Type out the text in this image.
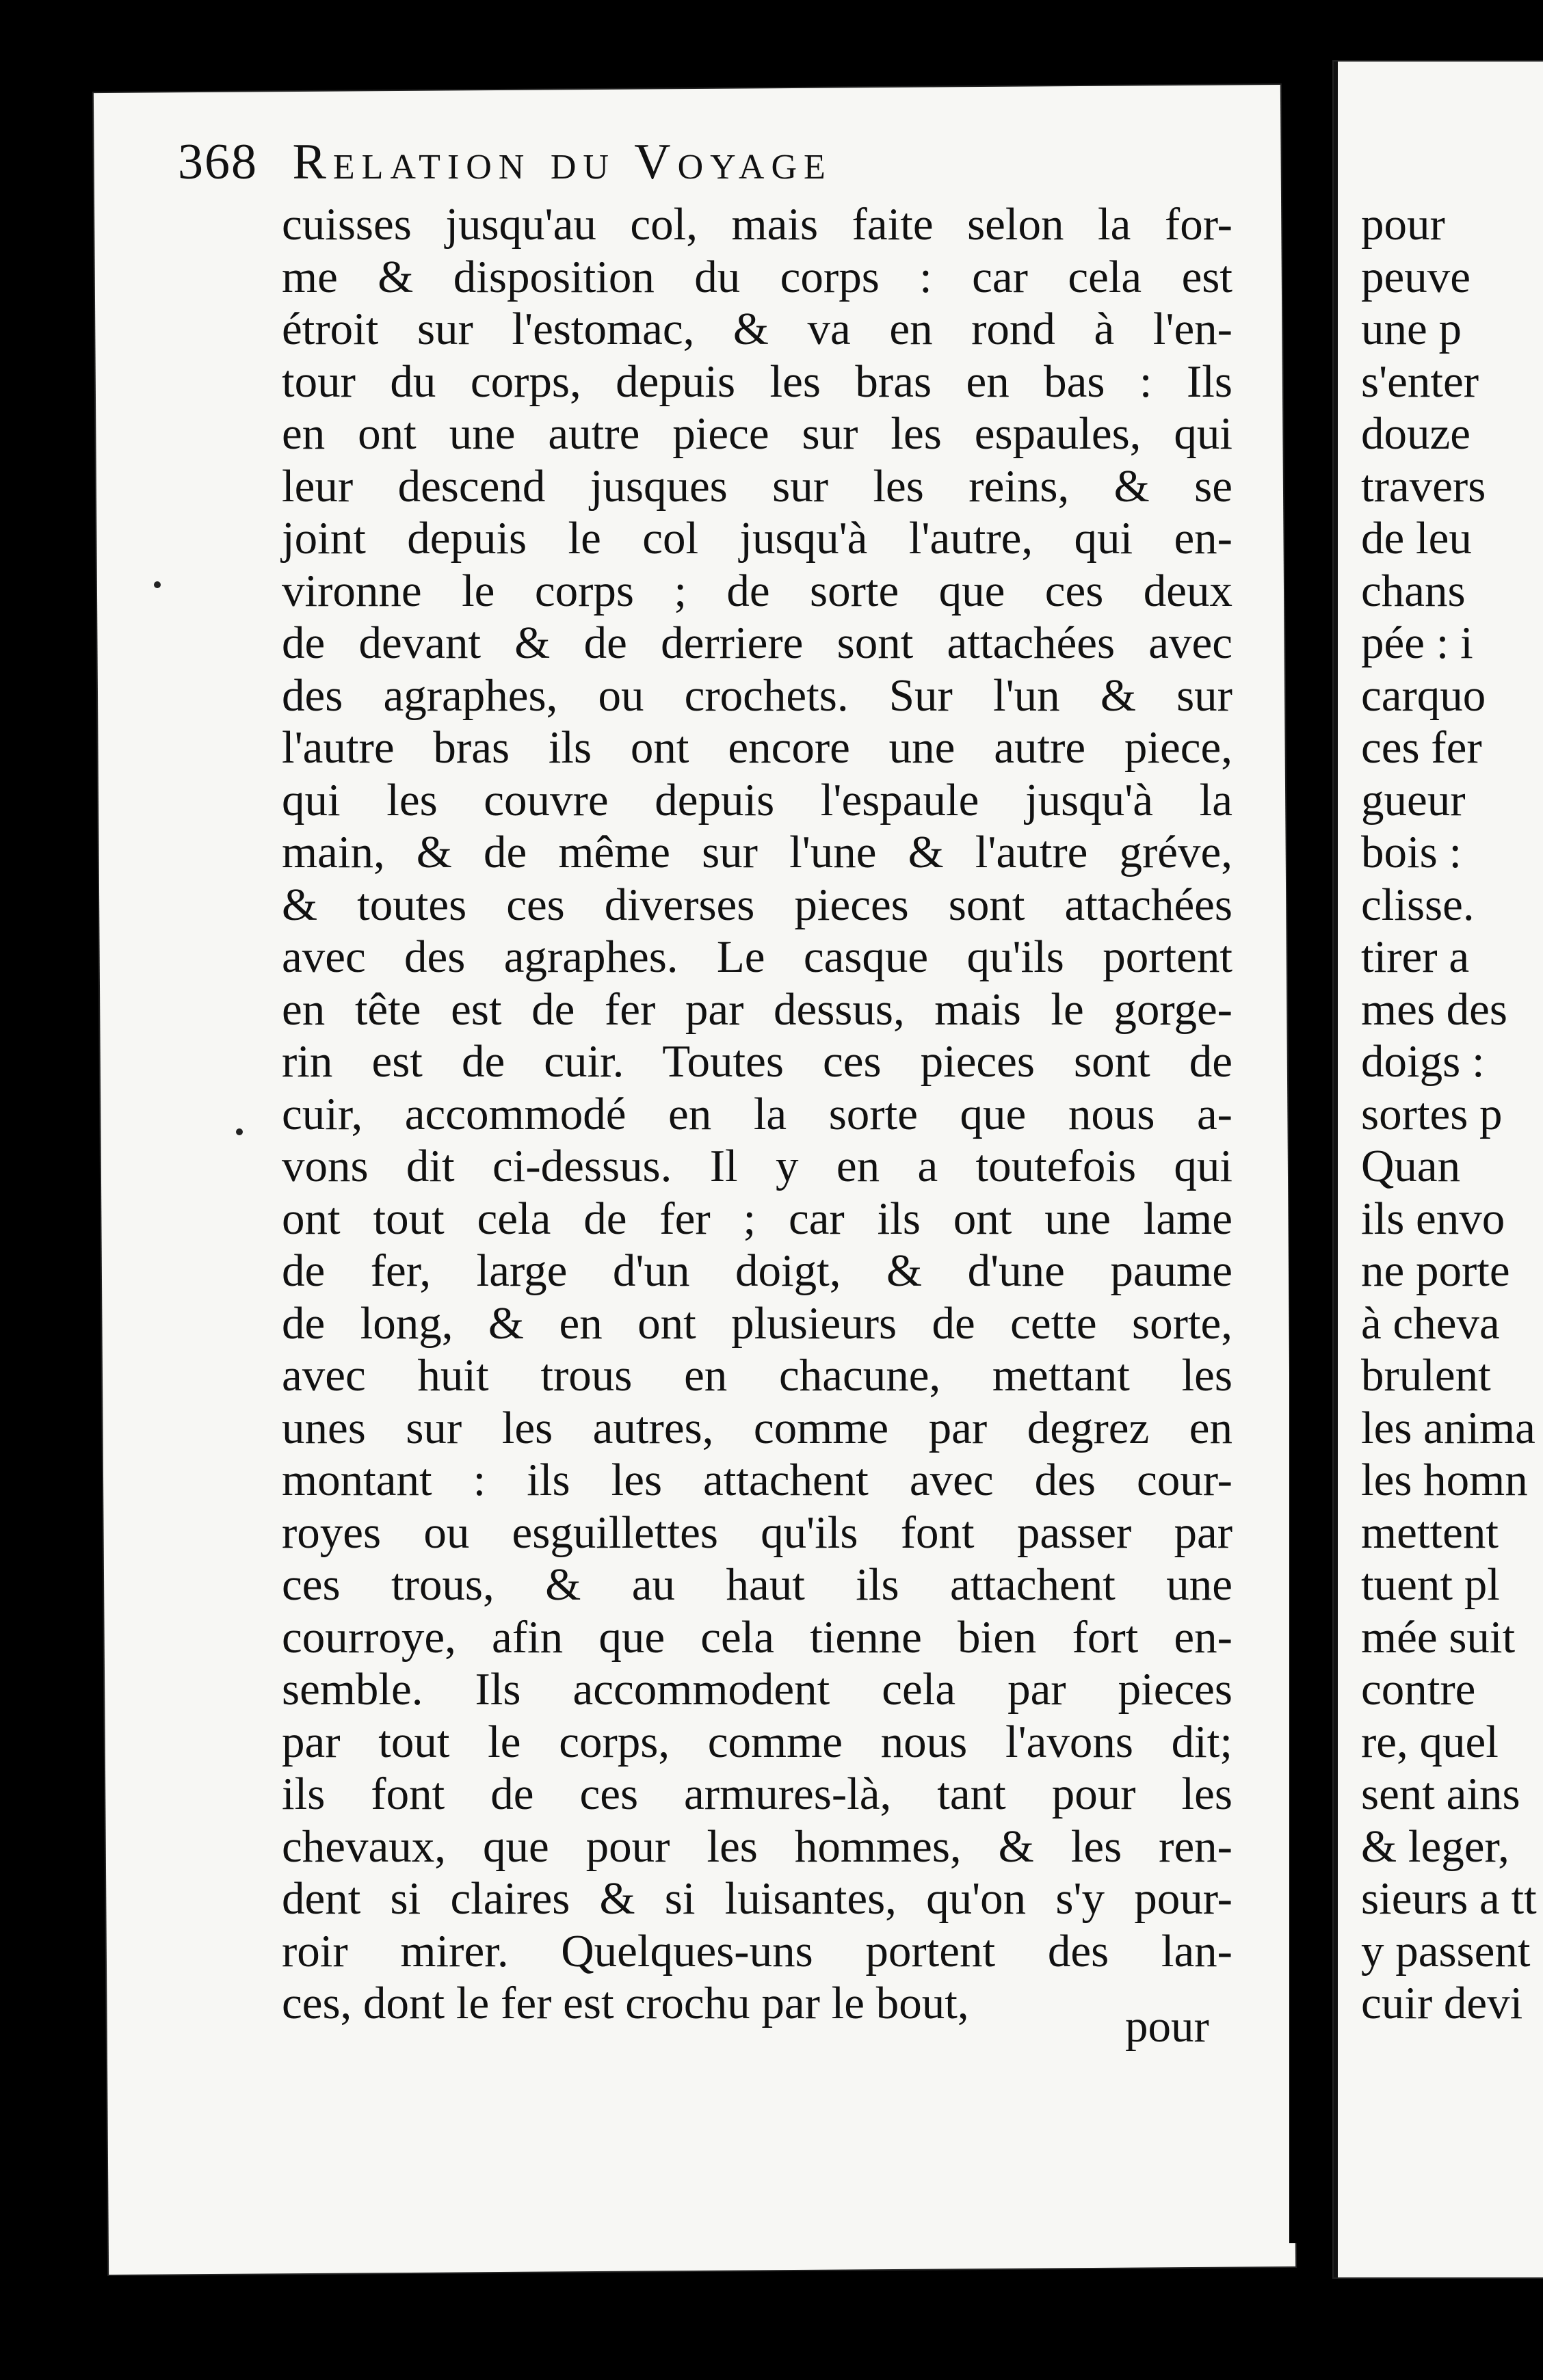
368 Relation du Voyage
cuisses jusqu'au col, mais faite selon la for-
me & disposition du corps : car cela est
étroit sur l'estomac, & va en rond à l'en-
tour du corps, depuis les bras en bas : Ils
en ont une autre piece sur les espaules, qui
leur descend jusques sur les reins, & se
joint depuis le col jusqu'à l'autre, qui en-
vironne le corps ; de sorte que ces deux
de devant & de derriere sont attachées avec
des agraphes, ou crochets. Sur l'un & sur
l'autre bras ils ont encore une autre piece,
qui les couvre depuis l'espaule jusqu'à la
main, & de même sur l'une & l'autre gréve,
& toutes ces diverses pieces sont attachées
avec des agraphes. Le casque qu'ils portent
en tête est de fer par dessus, mais le gorge-
rin est de cuir. Toutes ces pieces sont de
cuir, accommodé en la sorte que nous a-
vons dit ci-dessus. Il y en a toutefois qui
ont tout cela de fer ; car ils ont une lame
de fer, large d'un doigt, & d'une paume
de long, & en ont plusieurs de cette sorte,
avec huit trous en chacune, mettant les
unes sur les autres, comme par degrez en
montant : ils les attachent avec des cour-
royes ou esguillettes qu'ils font passer par
ces trous, & au haut ils attachent une
courroye, afin que cela tienne bien fort en-
semble. Ils accommodent cela par pieces
par tout le corps, comme nous l'avons dit;
ils font de ces armures-là, tant pour les
chevaux, que pour les hommes, & les ren-
dent si claires & si luisantes, qu'on s'y pour-
roir mirer. Quelques-uns portent des lan-
ces, dont le fer est crochu par le bout,	pour
pour
peuve
une p
s'enter
douze
travers
de leu
chans
pée : i
carquo
ces fer
gueur
bois :
clisse.
tirer a
mes des
doigs :
sortes p
Quan
ils envo
ne porte
à cheva
brulent
les anima
les homn
mettent
tuent pl
mée suit
contre
re, quel
sent ains
& leger,
sieurs a tt
y passent
cuir devi
